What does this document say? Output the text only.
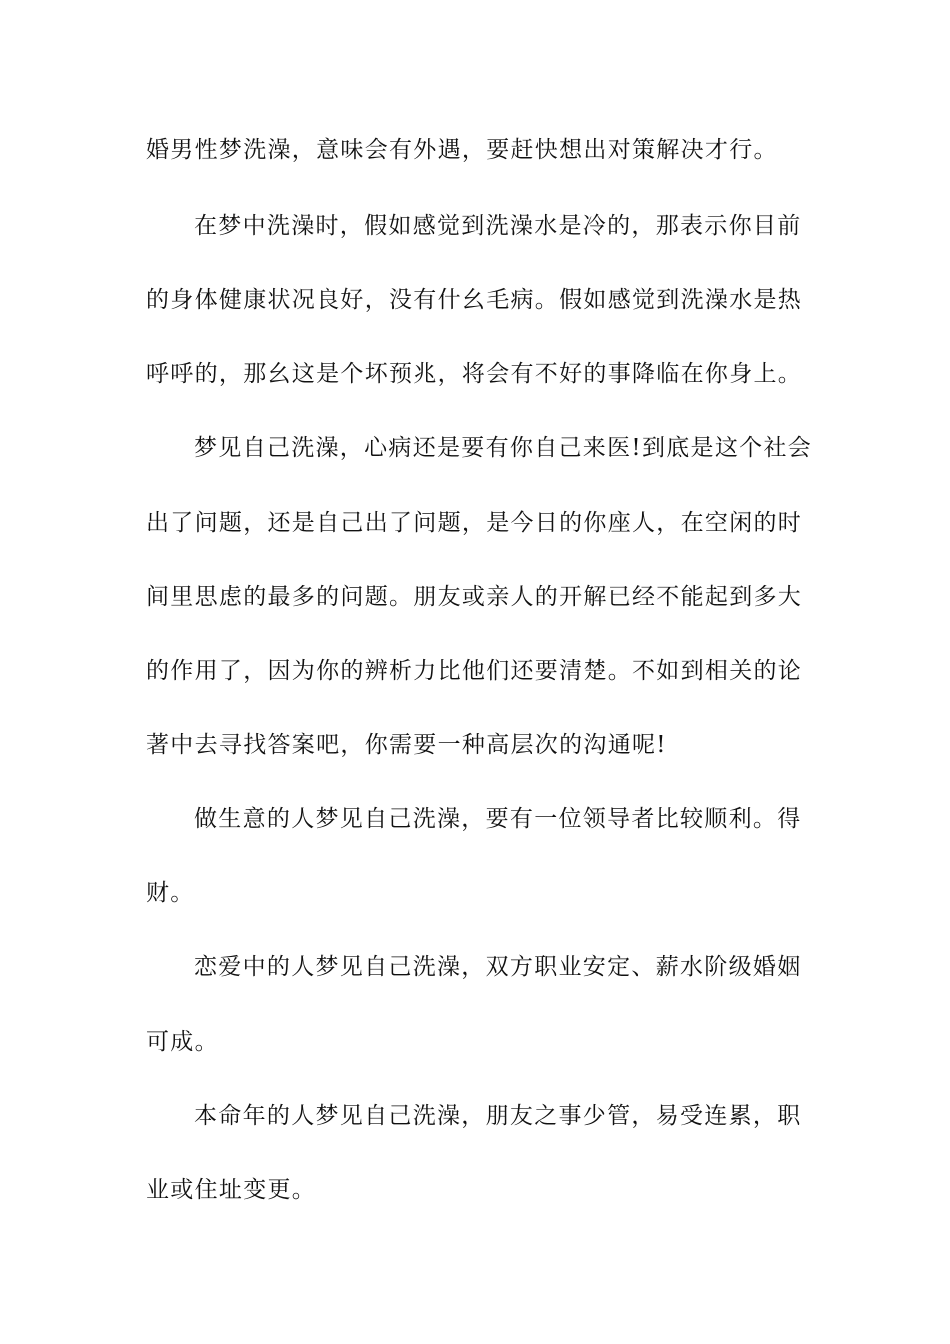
婚男性梦洗澡，意味会有外遇，要赶快想出对策解决才行。
在梦中洗澡时，假如感觉到洗澡水是冷的，那表示你目前
的身体健康状况良好，没有什幺毛病。假如感觉到洗澡水是热
呼呼的，那幺这是个坏预兆，将会有不好的事降临在你身上。
梦见自己洗澡，心病还是要有你自己来医!到底是这个社会
出了问题，还是自己出了问题，是今日的你座人，在空闲的时
间里思虑的最多的问题。朋友或亲人的开解已经不能起到多大
的作用了，因为你的辨析力比他们还要清楚。不如到相关的论
著中去寻找答案吧，你需要一种高层次的沟通呢!
做生意的人梦见自己洗澡，要有一位领导者比较顺利。得
财。
恋爱中的人梦见自己洗澡，双方职业安定、薪水阶级婚姻
可成。
本命年的人梦见自己洗澡，朋友之事少管，易受连累，职
业或住址变更。
